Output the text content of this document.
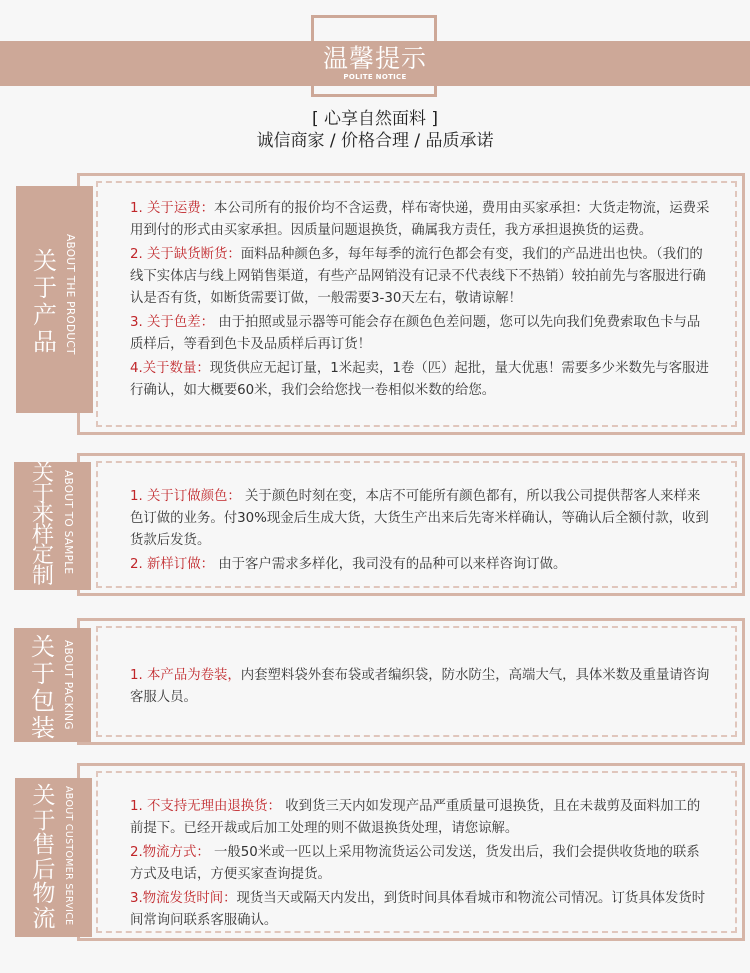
温馨提示
POLITE NOTICE
[ 心享自然面料 ]
诚信商家 / 价格合理 / 品质承诺

1. 关于运费：本公司所有的报价均不含运费，样布寄快递，费用由买家承担：大货走物流，运费采用到付的形式由买家承担。因质量问题退换货，确属我方责任，我方承担退换货的运费。

2. 关于缺货断货：面料品种颜色多，每年每季的流行色都会有变，我们的产品进出也快。（我们的线下实体店与线上网销售渠道，有些产品网销没有记录不代表线下不热销）较拍前先与客服进行确认是否有货，如断货需要订做，一般需要3-30天左右，敬请谅解！

3. 关于色差： 由于拍照或显示器等可能会存在颜色色差问题，您可以先向我们免费索取色卡与品质样后，等看到色卡及品质样后再订货！

4.关于数量：现货供应无起订量，1米起卖，1卷（匹）起批，量大优惠！需要多少米数先与客服进行确认，如大概要60米，我们会给您找一卷相似米数的给您。

关于产品 ABOUT THE PRODUCT

1. 关于订做颜色： 关于颜色时刻在变，本店不可能所有颜色都有，所以我公司提供帮客人来样来色订做的业务。付30%现金后生成大货，大货生产出来后先寄米样确认，等确认后全额付款，收到货款后发货。

2. 新样订做： 由于客户需求多样化，我司没有的品种可以来样咨询订做。

关于来样定制
ABOUT TO SAMPLE

1. 本产品为卷装，内套塑料袋外套布袋或者编织袋，防水防尘，高端大气，具体米数及重量请咨询客服人员。

关于包装 ABOUT PACKING

1. 不支持无理由退换货： 收到货三天内如发现产品严重质量可退换货，且在未裁剪及面料加工的前提下。已经开裁或后加工处理的则不做退换货处理，请您谅解。

2.物流方式： 一般50米或一匹以上采用物流货运公司发送，货发出后，我们会提供收货地的联系方式及电话，方便买家查询提货。

3.物流发货时间：现货当天或隔天内发出，到货时间具体看城市和物流公司情况。订货具体发货时间常询问联系客服确认。

关于售后物流 ABOUT CUSTOMER SERVICE
